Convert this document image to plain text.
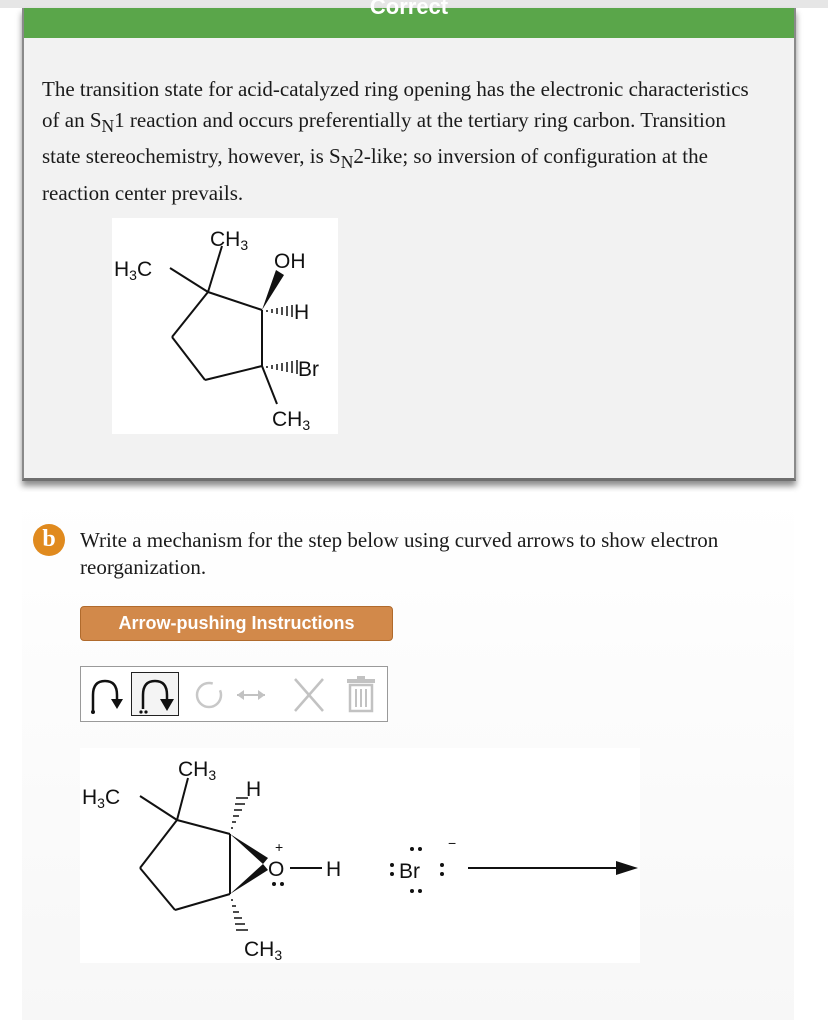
Correct
The transition state for acid-catalyzed ring opening has the electronic characteristics of an $S_N1$ reaction and occurs preferentially at the tertiary ring carbon. Transition state stereochemistry, however, is $S_N2$-like; so inversion of configuration at the reaction center prevails.
CH3
H3C	OH
H
Br
CH3
b	Write a mechanism for the step below using curved arrows to show electron reorganization.
Arrow-pushing Instructions
CH3
H3C	H
O
+
H
CH3
Br
−
